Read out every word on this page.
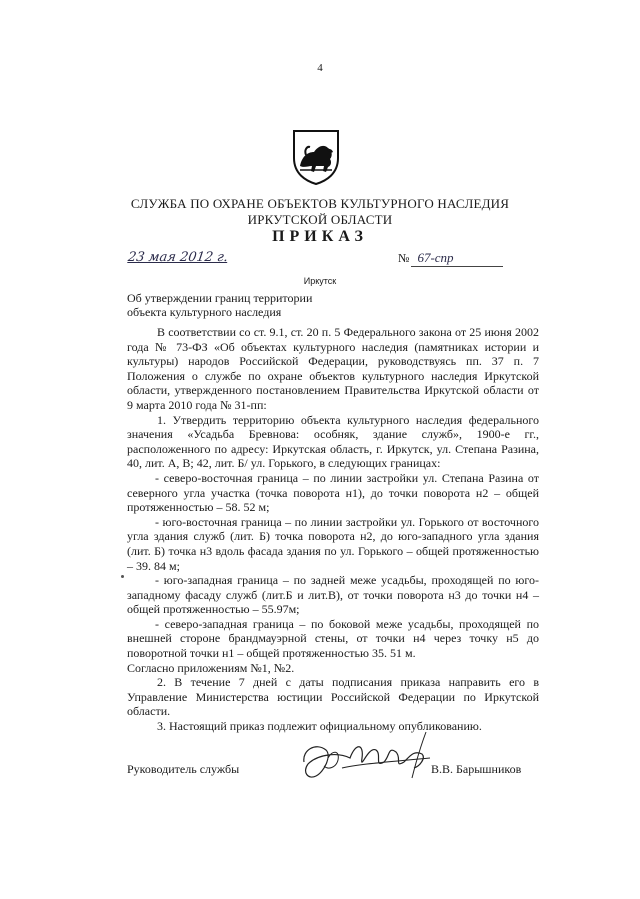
4
СЛУЖБА ПО ОХРАНЕ ОБЪЕКТОВ КУЛЬТУРНОГО НАСЛЕДИЯ
ИРКУТСКОЙ ОБЛАСТИ
ПРИКАЗ
23 мая 2012 г.	№ 67-спр
Иркутск
Об утверждении границ территории
объекта культурного наследия

В соответствии со ст. 9.1, ст. 20 п. 5 Федерального закона от 25 июня 2002 года № 73-ФЗ «Об объектах культурного наследия (памятниках истории и культуры) народов Российской Федерации, руководствуясь пп. 37 п. 7 Положения о службе по охране объектов культурного наследия Иркутской области, утвержденного постановлением Правительства Иркутской области от 9 марта 2010 года № 31-пп:

1. Утвердить территорию объекта культурного наследия федерального значения «Усадьба Бревнова: особняк, здание служб», 1900-е гг., расположенного по адресу: Иркутская область, г. Иркутск, ул. Степана Разина, 40, лит. А, В; 42, лит. Б/ ул. Горького, в следующих границах:

- северо-восточная граница – по линии застройки ул. Степана Разина от северного угла участка (точка поворота н1), до точки поворота н2 – общей протяженностью – 58. 52 м;

- юго-восточная граница – по линии застройки ул. Горького от восточного угла здания служб (лит. Б) точка поворота н2, до юго-западного угла здания (лит. Б) точка н3 вдоль фасада здания по ул. Горького – общей протяженностью – 39. 84 м;

- юго-западная граница – по задней меже усадьбы, проходящей по юго-западному фасаду служб (лит.Б и лит.В), от точки поворота н3 до точки н4 – общей протяженностью – 55.97м;

- северо-западная граница – по боковой меже усадьбы, проходящей по внешней стороне брандмауэрной стены, от точки н4 через точку н5 до поворотной точки н1 – общей протяженностью 35. 51 м.

Согласно приложениям №1, №2.

2. В течение 7 дней с даты подписания приказа направить его в Управление Министерства юстиции Российской Федерации по Иркутской области.

3. Настоящий приказ подлежит официальному опубликованию.

Руководитель службы	В.В. Барышников
